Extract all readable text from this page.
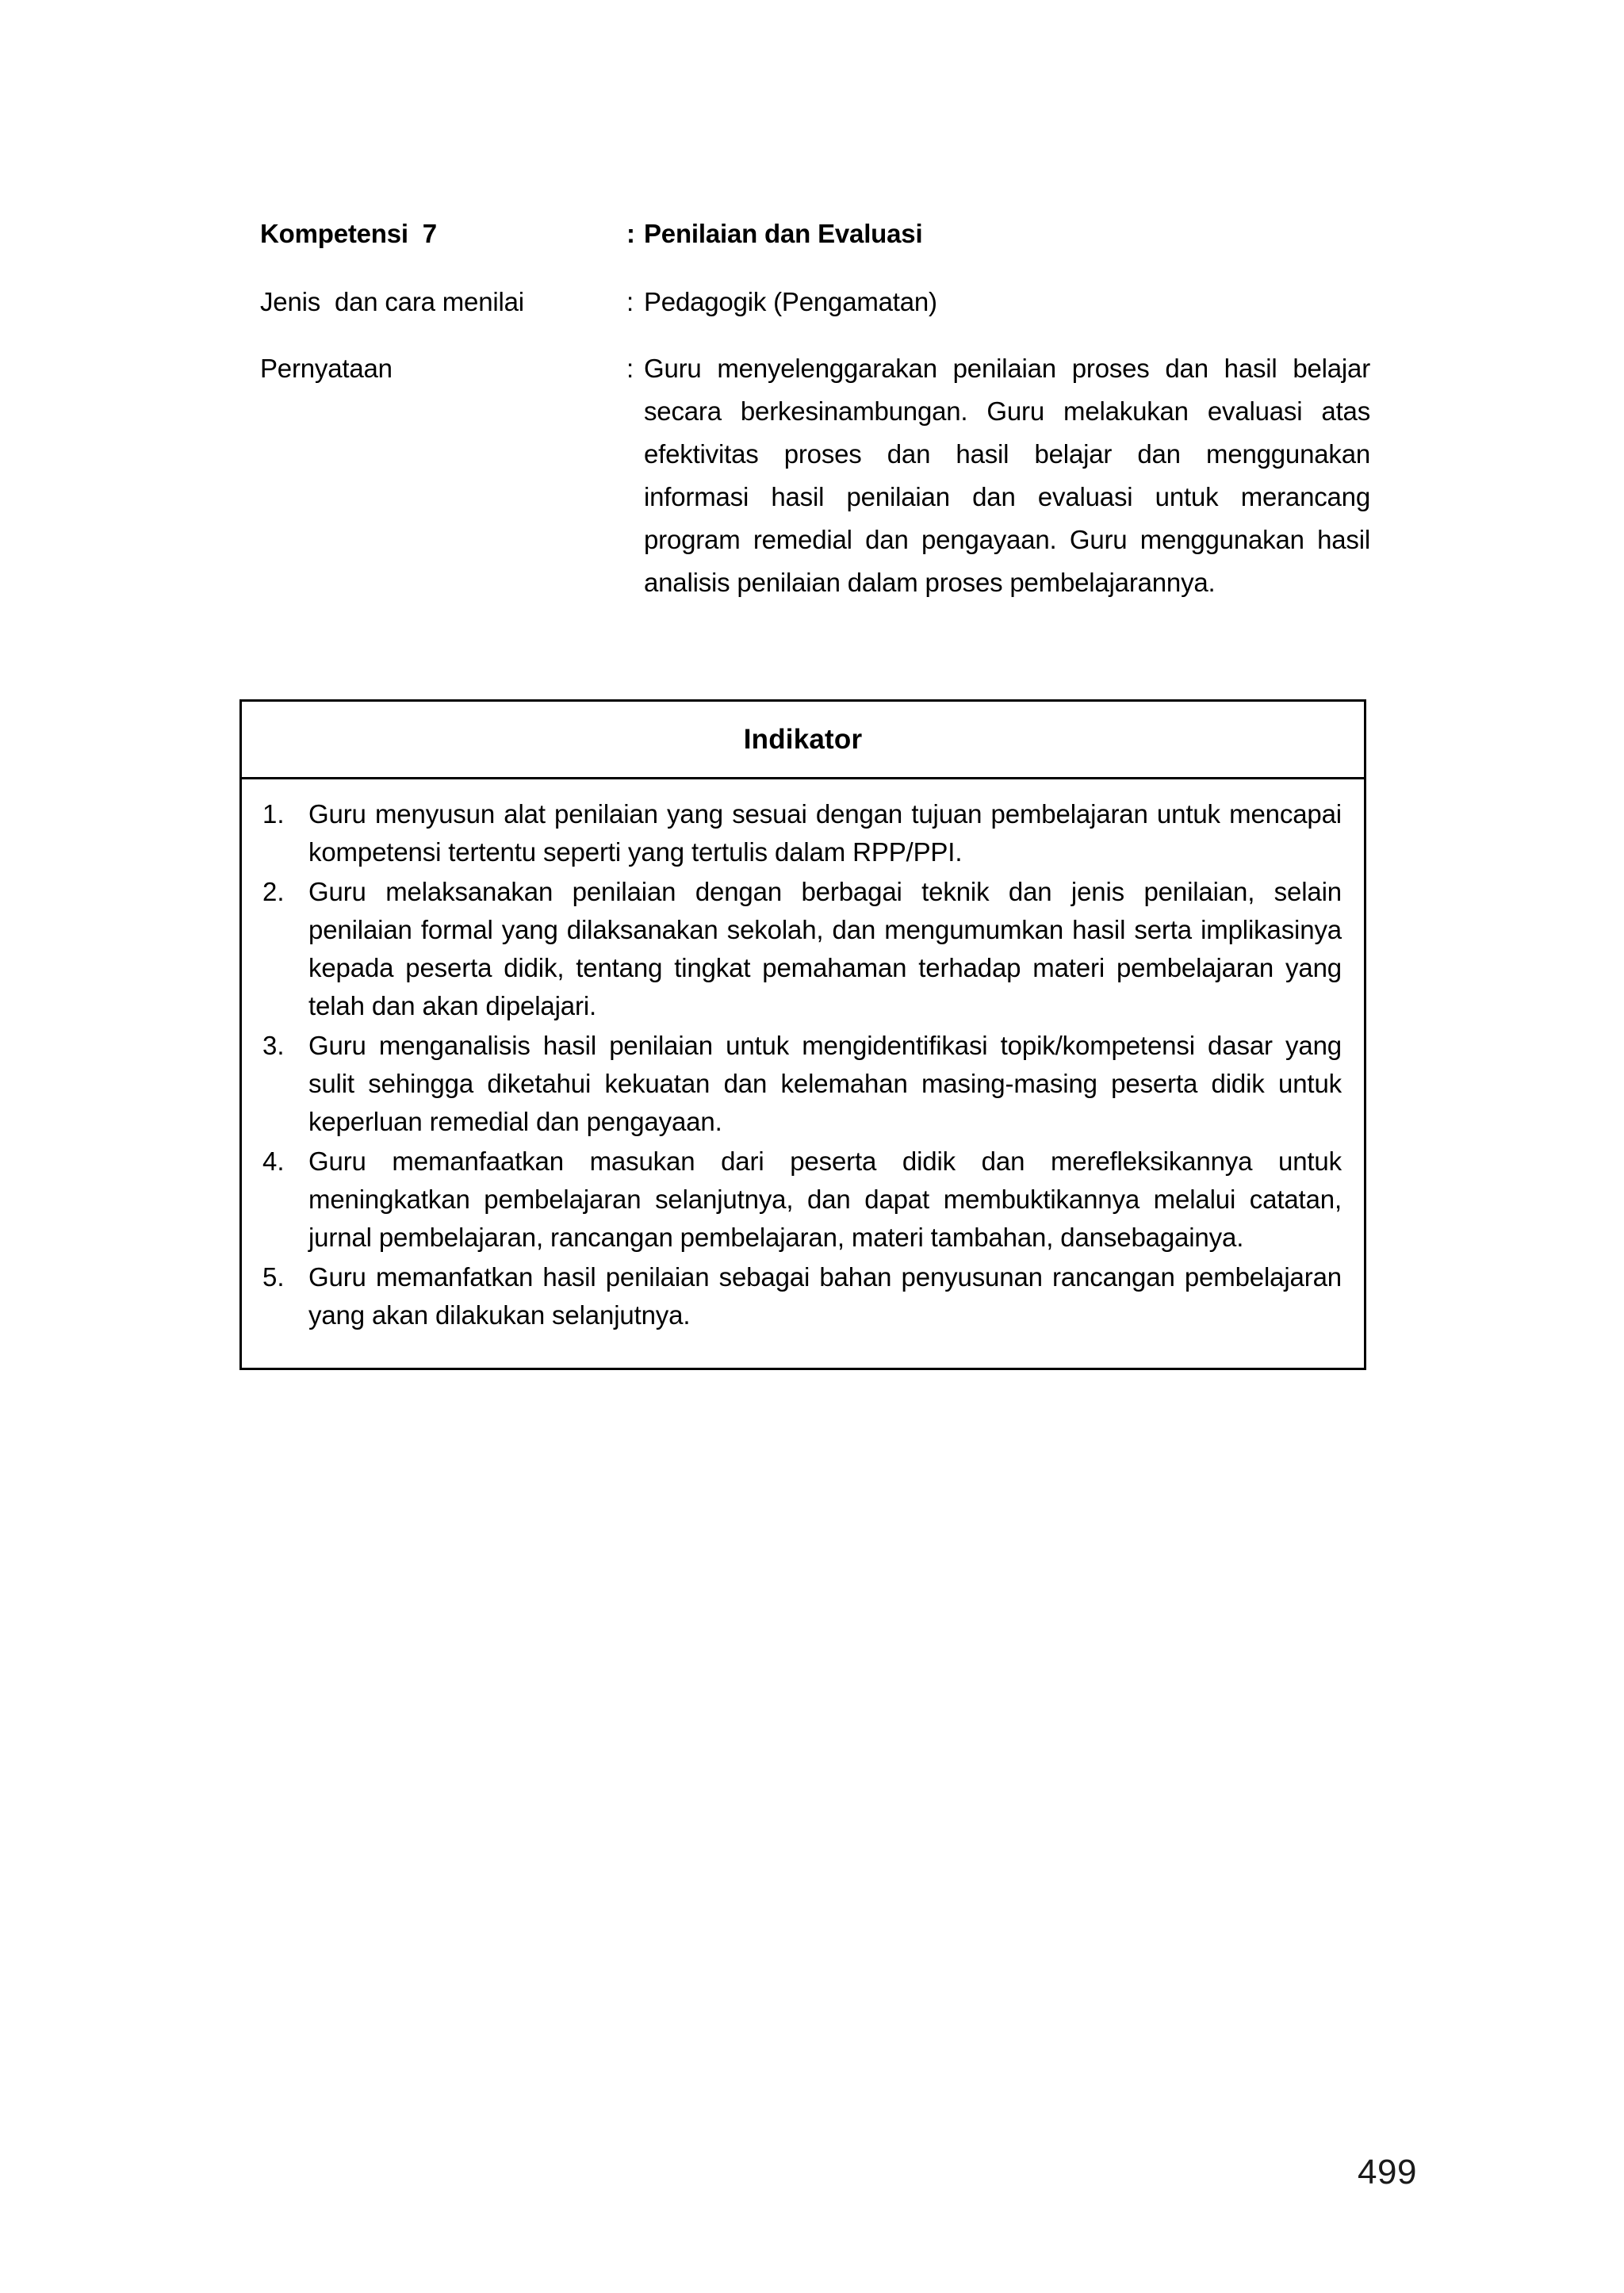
Kompetensi  7	: Penilaian dan Evaluasi
Jenis  dan cara menilai	: Pedagogik (Pengamatan)
Pernyataan	: Guru menyelenggarakan penilaian proses dan hasil belajar secara berkesinambungan. Guru melakukan evaluasi atas efektivitas proses dan hasil belajar dan menggunakan informasi hasil penilaian dan evaluasi untuk merancang program remedial dan pengayaan. Guru menggunakan hasil analisis penilaian dalam proses pembelajarannya.
Indikator
1. Guru menyusun alat penilaian yang sesuai dengan tujuan pembelajaran untuk mencapai kompetensi tertentu seperti yang tertulis dalam RPP/PPI.
2. Guru melaksanakan penilaian dengan berbagai teknik dan jenis penilaian, selain penilaian formal yang dilaksanakan sekolah, dan mengumumkan hasil serta implikasinya kepada peserta didik, tentang tingkat pemahaman terhadap materi pembelajaran yang telah dan akan dipelajari.
3. Guru menganalisis hasil penilaian untuk mengidentifikasi topik/kompetensi dasar yang sulit sehingga diketahui kekuatan dan kelemahan masing-masing peserta didik untuk keperluan remedial dan pengayaan.
4. Guru memanfaatkan masukan dari peserta didik dan merefleksikannya untuk meningkatkan pembelajaran selanjutnya, dan dapat membuktikannya melalui catatan, jurnal pembelajaran, rancangan pembelajaran, materi tambahan, dansebagainya.
5. Guru memanfatkan hasil penilaian sebagai bahan penyusunan rancangan pembelajaran yang akan dilakukan selanjutnya.
499
